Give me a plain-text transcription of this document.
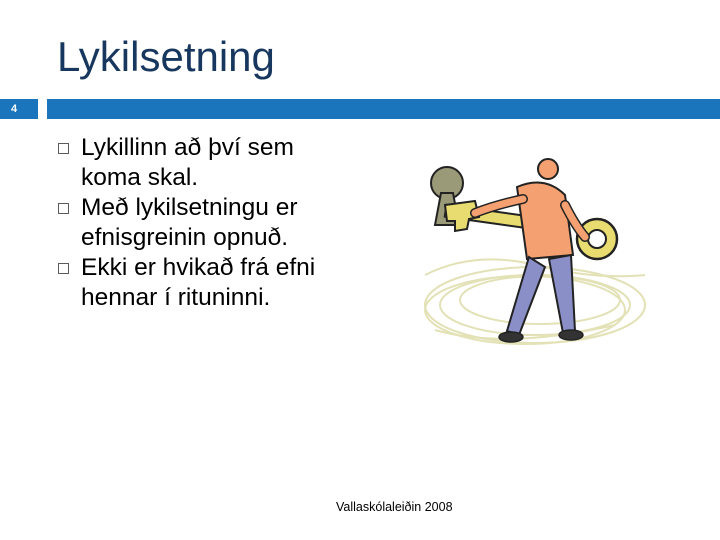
Lykilsetning
4
Lykillinn að því sem koma skal.
Með lykilsetningu er efnisgreinin opnuð.
Ekki er hvikað frá efni hennar í rituninni.
Vallaskólaleiðin 2008
